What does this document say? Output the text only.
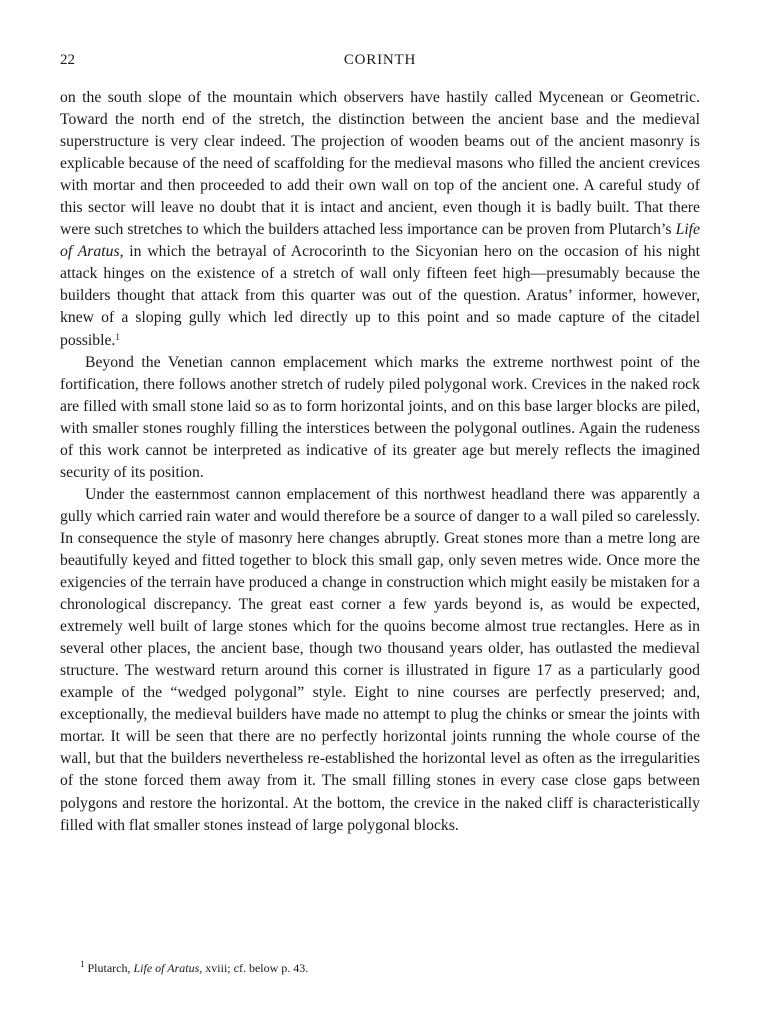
22	CORINTH

on the south slope of the mountain which observers have hastily called Mycenean or Geometric. Toward the north end of the stretch, the distinction between the ancient base and the medieval superstructure is very clear indeed. The projection of wooden beams out of the ancient masonry is explicable because of the need of scaffolding for the medieval masons who filled the ancient crevices with mortar and then proceeded to add their own wall on top of the ancient one. A careful study of this sector will leave no doubt that it is intact and ancient, even though it is badly built. That there were such stretches to which the builders attached less importance can be proven from Plutarch’s Life of Aratus, in which the betrayal of Acrocorinth to the Sicyonian hero on the occasion of his night attack hinges on the existence of a stretch of wall only fifteen feet high—presumably because the builders thought that attack from this quarter was out of the question. Aratus’ informer, however, knew of a sloping gully which led directly up to this point and so made capture of the citadel possible.$^1$

Beyond the Venetian cannon emplacement which marks the extreme northwest point of the fortification, there follows another stretch of rudely piled polygonal work. Crevices in the naked rock are filled with small stone laid so as to form horizontal joints, and on this base larger blocks are piled, with smaller stones roughly filling the interstices between the polygonal outlines. Again the rudeness of this work cannot be interpreted as indicative of its greater age but merely reflects the imagined security of its position.

Under the easternmost cannon emplacement of this northwest headland there was apparently a gully which carried rain water and would therefore be a source of danger to a wall piled so carelessly. In consequence the style of masonry here changes abruptly. Great stones more than a metre long are beautifully keyed and fitted together to block this small gap, only seven metres wide. Once more the exigencies of the terrain have produced a change in construction which might easily be mistaken for a chronological discrepancy. The great east corner a few yards beyond is, as would be expected, extremely well built of large stones which for the quoins become almost true rectangles. Here as in several other places, the ancient base, though two thousand years older, has outlasted the medieval structure. The westward return around this corner is illustrated in figure 17 as a particularly good example of the “wedged polygonal” style. Eight to nine courses are perfectly preserved; and, exceptionally, the medieval builders have made no attempt to plug the chinks or smear the joints with mortar. It will be seen that there are no perfectly horizontal joints running the whole course of the wall, but that the builders nevertheless re-established the horizontal level as often as the irregularities of the stone forced them away from it. The small filling stones in every case close gaps between polygons and restore the horizontal. At the bottom, the crevice in the naked cliff is characteristically filled with flat smaller stones instead of large polygonal blocks.

$^1$ Plutarch, Life of Aratus, xviii; cf. below p. 43.
